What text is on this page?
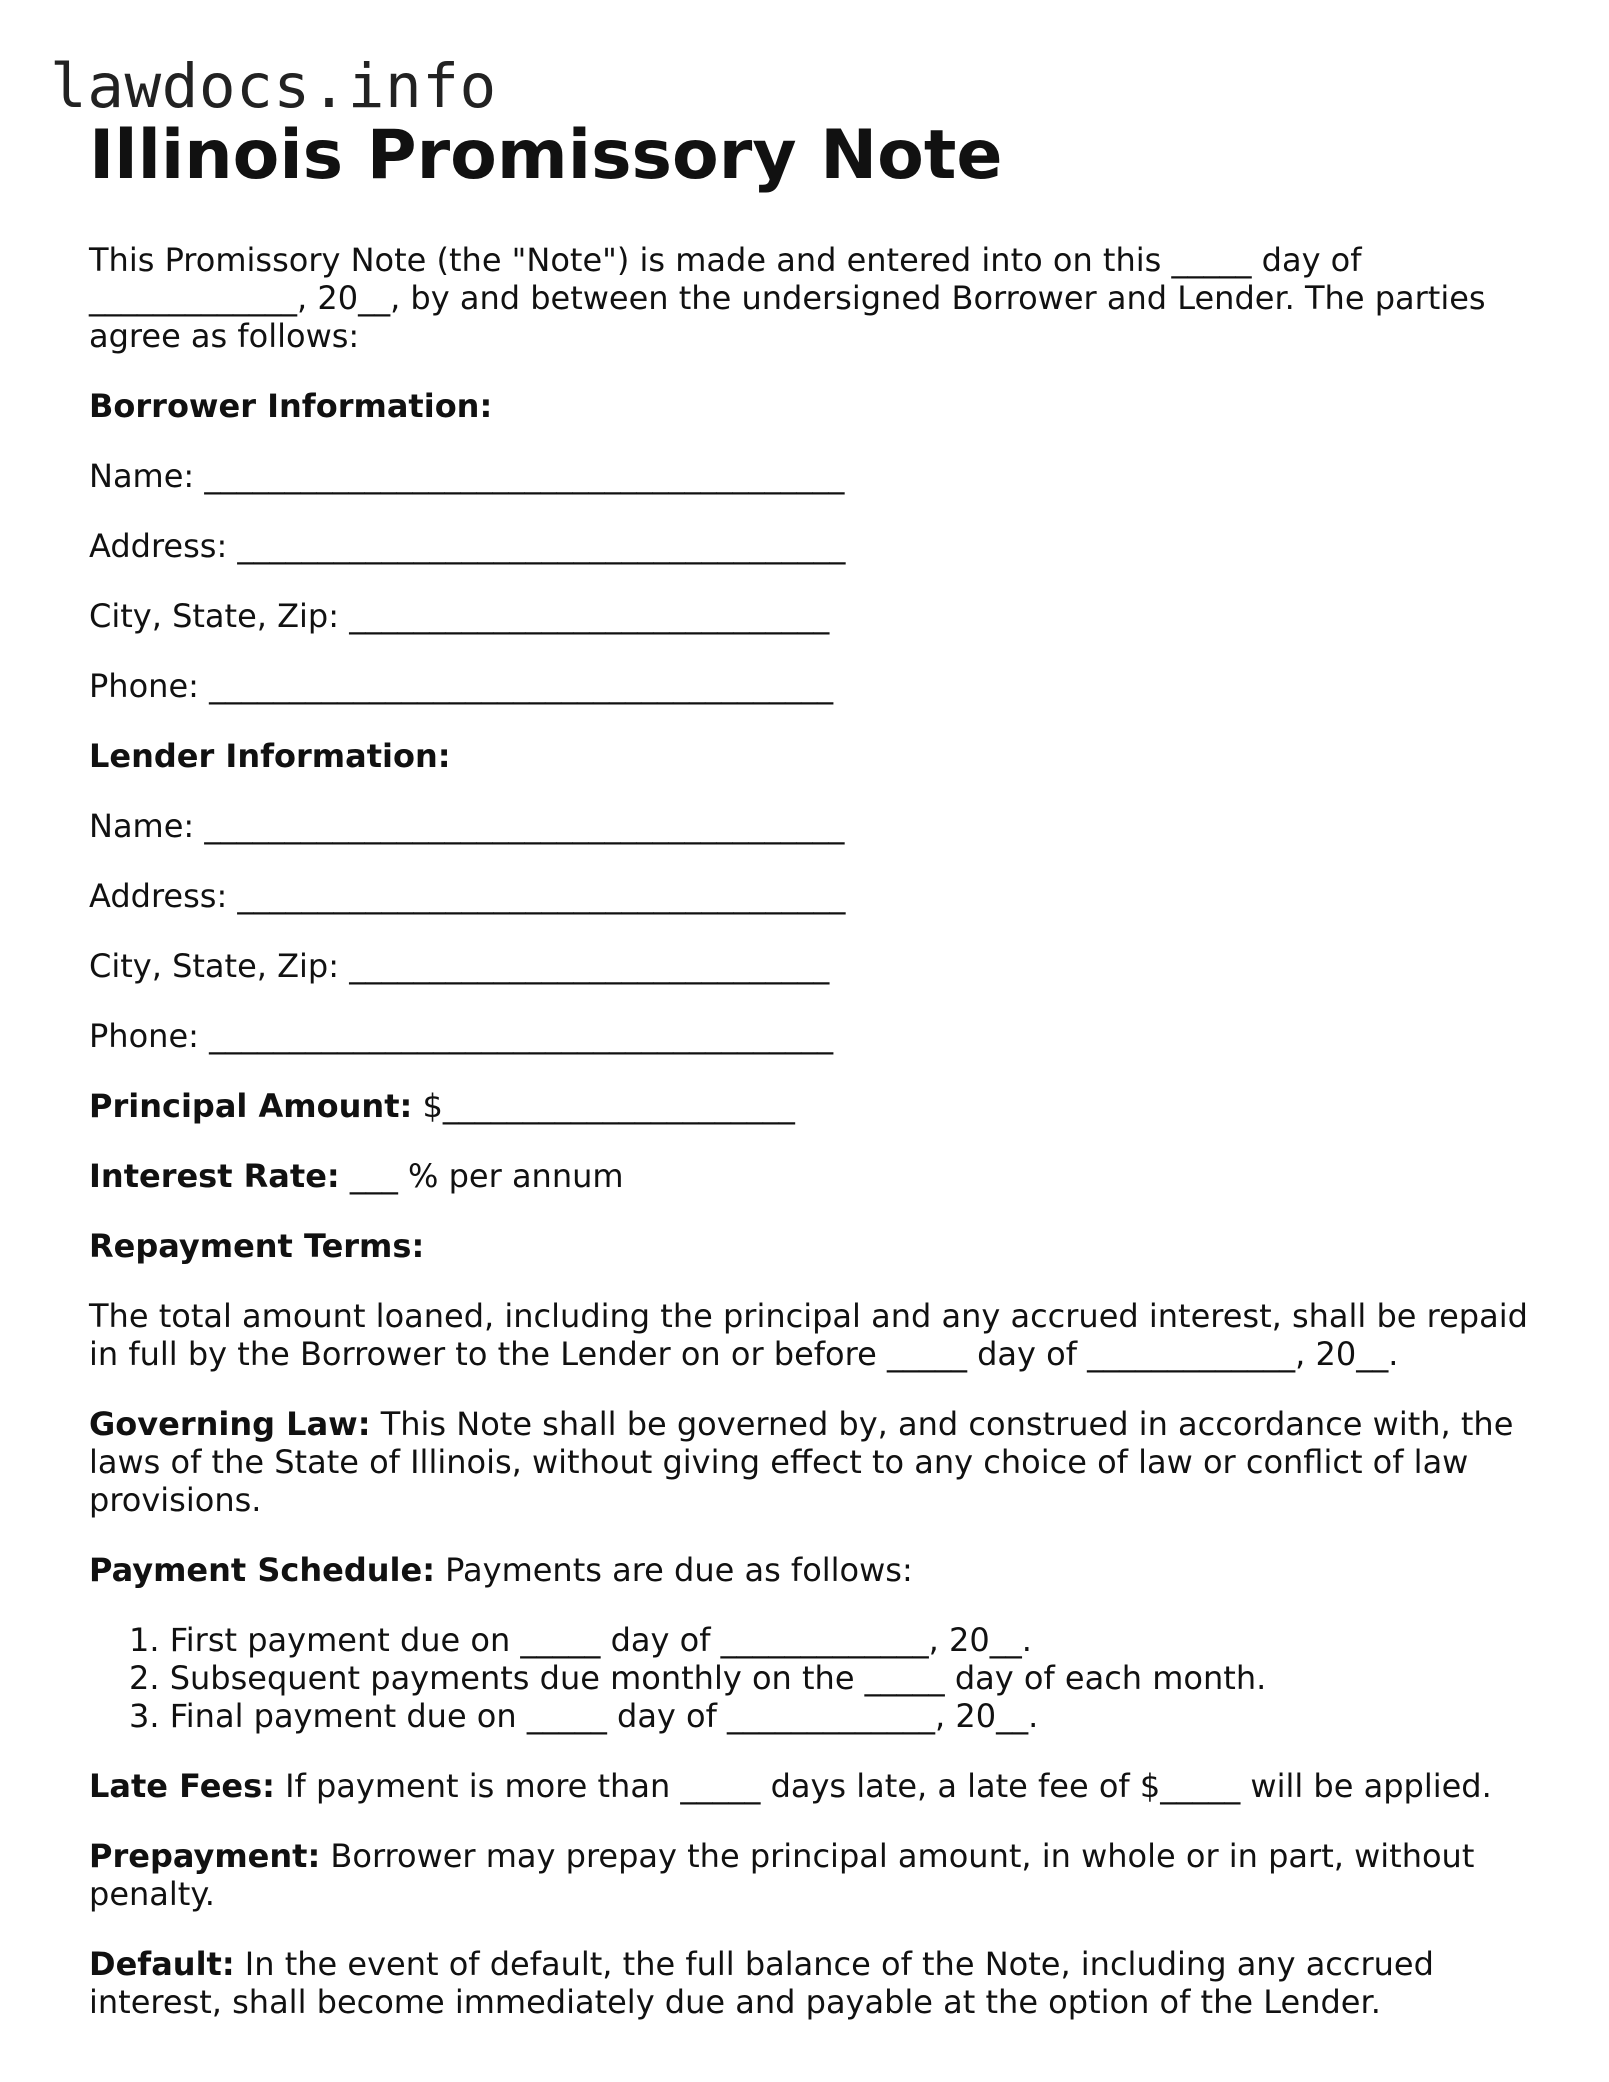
lawdocs.info
Illinois Promissory Note

This Promissory Note (the "Note") is made and entered into on this _____ day of _____________, 20__, by and between the undersigned Borrower and Lender. The parties agree as follows:

Borrower Information:
Name: ________________________________________
Address: ______________________________________
City, State, Zip: ______________________________
Phone: _______________________________________
Lender Information:
Name: ________________________________________
Address: ______________________________________
City, State, Zip: ______________________________
Phone: _______________________________________
Principal Amount: $______________________
Interest Rate: ___ % per annum
Repayment Terms:

The total amount loaned, including the principal and any accrued interest, shall be repaid in full by the Borrower to the Lender on or before _____ day of _____________, 20__.

Governing Law: This Note shall be governed by, and construed in accordance with, the laws of the State of Illinois, without giving effect to any choice of law or conflict of law provisions.

Payment Schedule: Payments are due as follows:

1. First payment due on _____ day of _____________, 20__.
2. Subsequent payments due monthly on the _____ day of each month.
3. Final payment due on _____ day of _____________, 20__.

Late Fees: If payment is more than _____ days late, a late fee of $_____ will be applied.

Prepayment: Borrower may prepay the principal amount, in whole or in part, without penalty.

Default: In the event of default, the full balance of the Note, including any accrued interest, shall become immediately due and payable at the option of the Lender.
